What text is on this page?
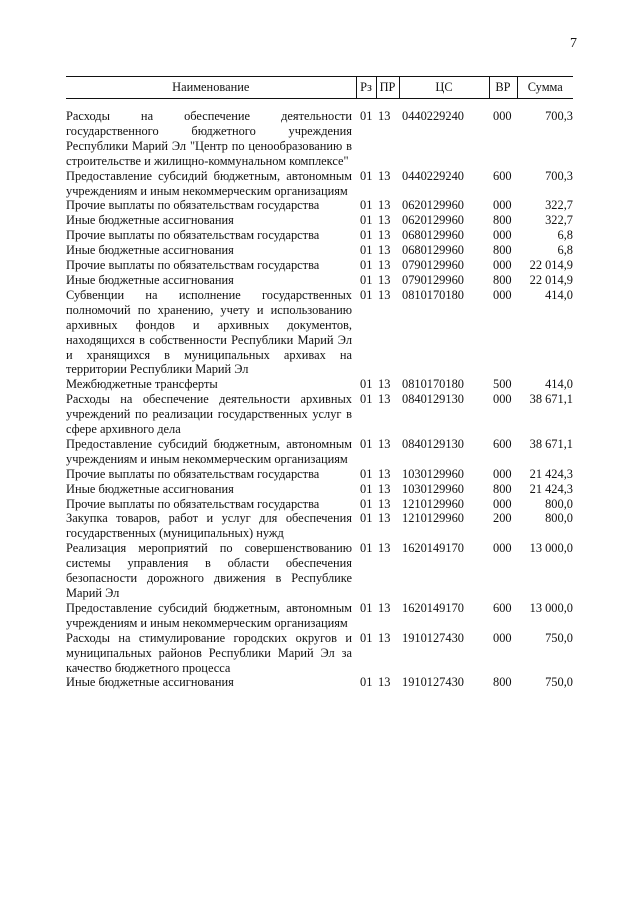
7
Наименование	Рз	ПР	ЦС	ВР	Сумма
Расходы на обеспечение деятельности государственного бюджетного учреждения Республики Марий Эл "Центр по ценообразованию в строительстве и жилищно-коммунальном комплексе"	01	13	0440229240	000	700,3
Предоставление субсидий бюджетным, автономным учреждениям и иным некоммерческим организациям	01	13	0440229240	600	700,3
Прочие выплаты по обязательствам государства	01	13	0620129960	000	322,7
Иные бюджетные ассигнования	01	13	0620129960	800	322,7
Прочие выплаты по обязательствам государства	01	13	0680129960	000	6,8
Иные бюджетные ассигнования	01	13	0680129960	800	6,8
Прочие выплаты по обязательствам государства	01	13	0790129960	000	22 014,9
Иные бюджетные ассигнования	01	13	0790129960	800	22 014,9
Субвенции на исполнение государственных полномочий по хранению, учету и использованию архивных фондов и архивных документов, находящихся в собственности Республики Марий Эл и хранящихся в муниципальных архивах на территории Республики Марий Эл	01	13	0810170180	000	414,0
Межбюджетные трансферты	01	13	0810170180	500	414,0
Расходы на обеспечение деятельности архивных учреждений по реализации государственных услуг в сфере архивного дела	01	13	0840129130	000	38 671,1
Предоставление субсидий бюджетным, автономным учреждениям и иным некоммерческим организациям	01	13	0840129130	600	38 671,1
Прочие выплаты по обязательствам государства	01	13	1030129960	000	21 424,3
Иные бюджетные ассигнования	01	13	1030129960	800	21 424,3
Прочие выплаты по обязательствам государства	01	13	1210129960	000	800,0
Закупка товаров, работ и услуг для обеспечения государственных (муниципальных) нужд	01	13	1210129960	200	800,0
Реализация мероприятий по совершенствованию системы управления в области обеспечения безопасности дорожного движения в Республике Марий Эл	01	13	1620149170	000	13 000,0
Предоставление субсидий бюджетным, автономным учреждениям и иным некоммерческим организациям	01	13	1620149170	600	13 000,0
Расходы на стимулирование городских округов и муниципальных районов Республики Марий Эл за качество бюджетного процесса	01	13	1910127430	000	750,0
Иные бюджетные ассигнования	01	13	1910127430	800	750,0
